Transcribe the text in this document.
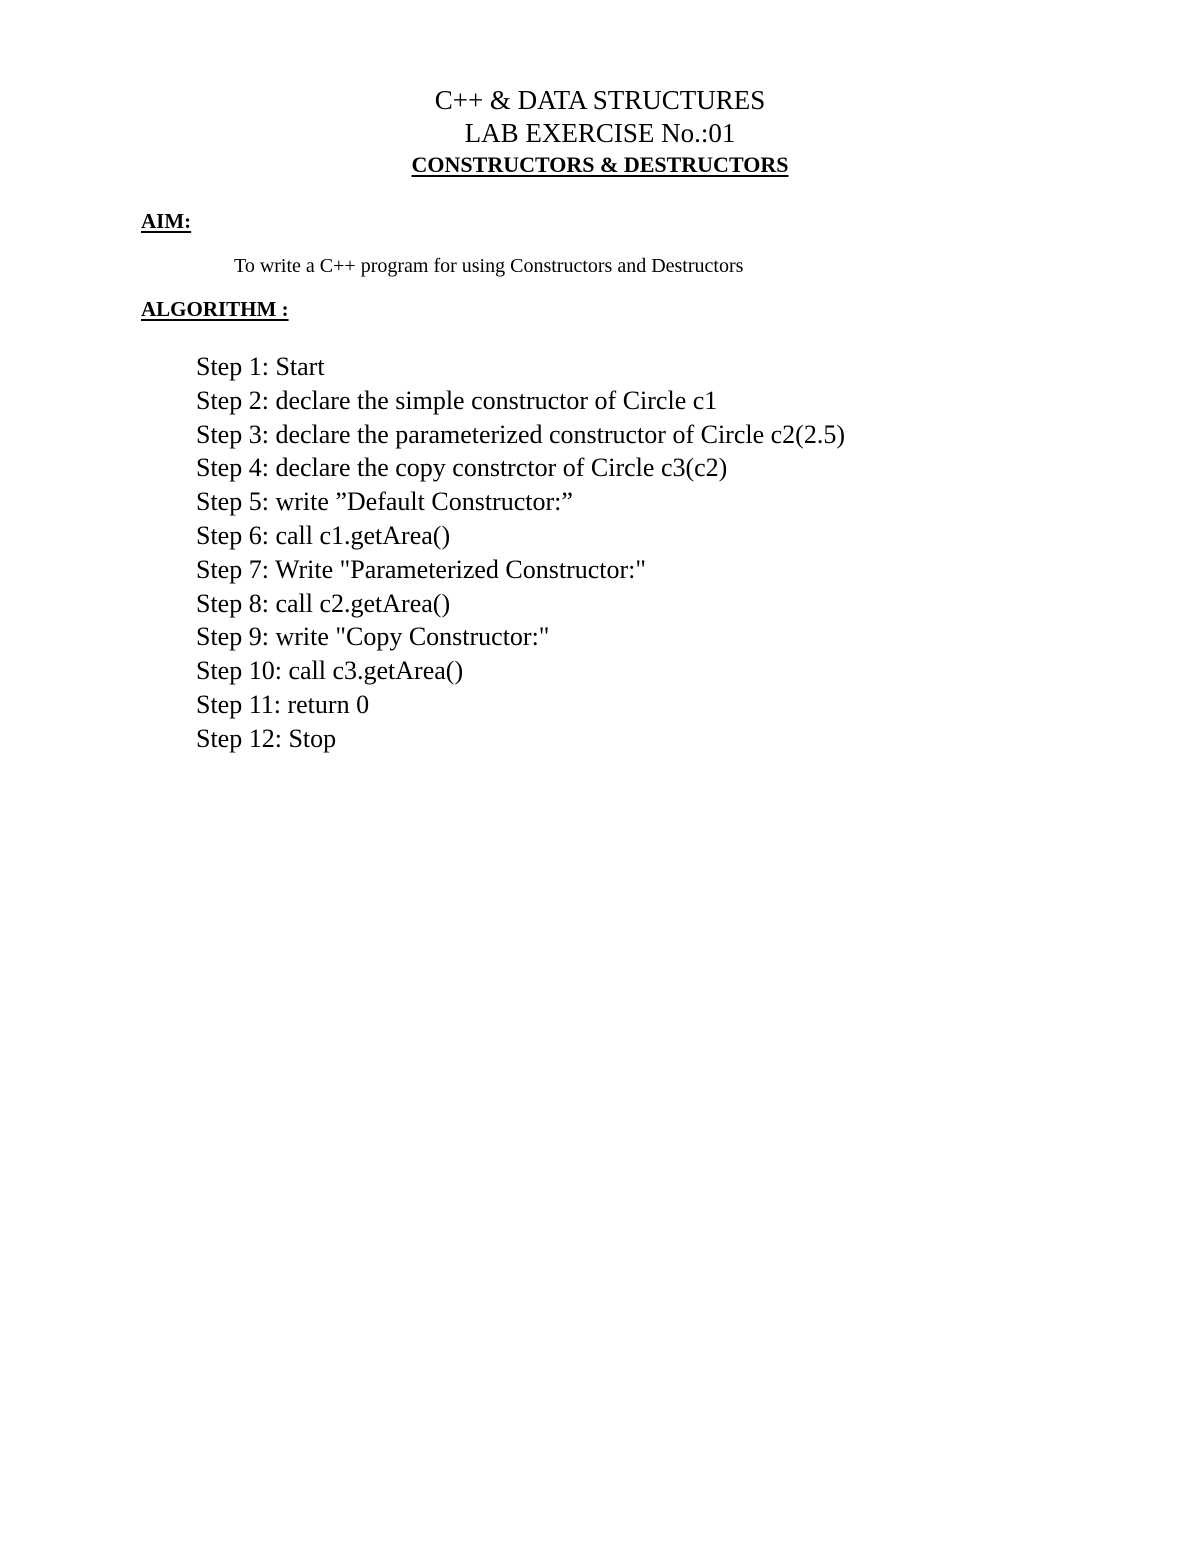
C++ & DATA STRUCTURES
LAB EXERCISE No.:01
CONSTRUCTORS & DESTRUCTORS
AIM:
To write a C++ program for using Constructors and Destructors
ALGORITHM :
Step 1: Start
Step 2: declare the simple constructor of Circle c1
Step 3: declare the parameterized constructor of Circle c2(2.5)
Step 4: declare the copy constrctor of Circle c3(c2)
Step 5: write ”Default Constructor:”
Step 6: call c1.getArea()
Step 7: Write "Parameterized Constructor:"
Step 8: call c2.getArea()
Step 9: write "Copy Constructor:"
Step 10: call c3.getArea()
Step 11: return 0
Step 12: Stop
